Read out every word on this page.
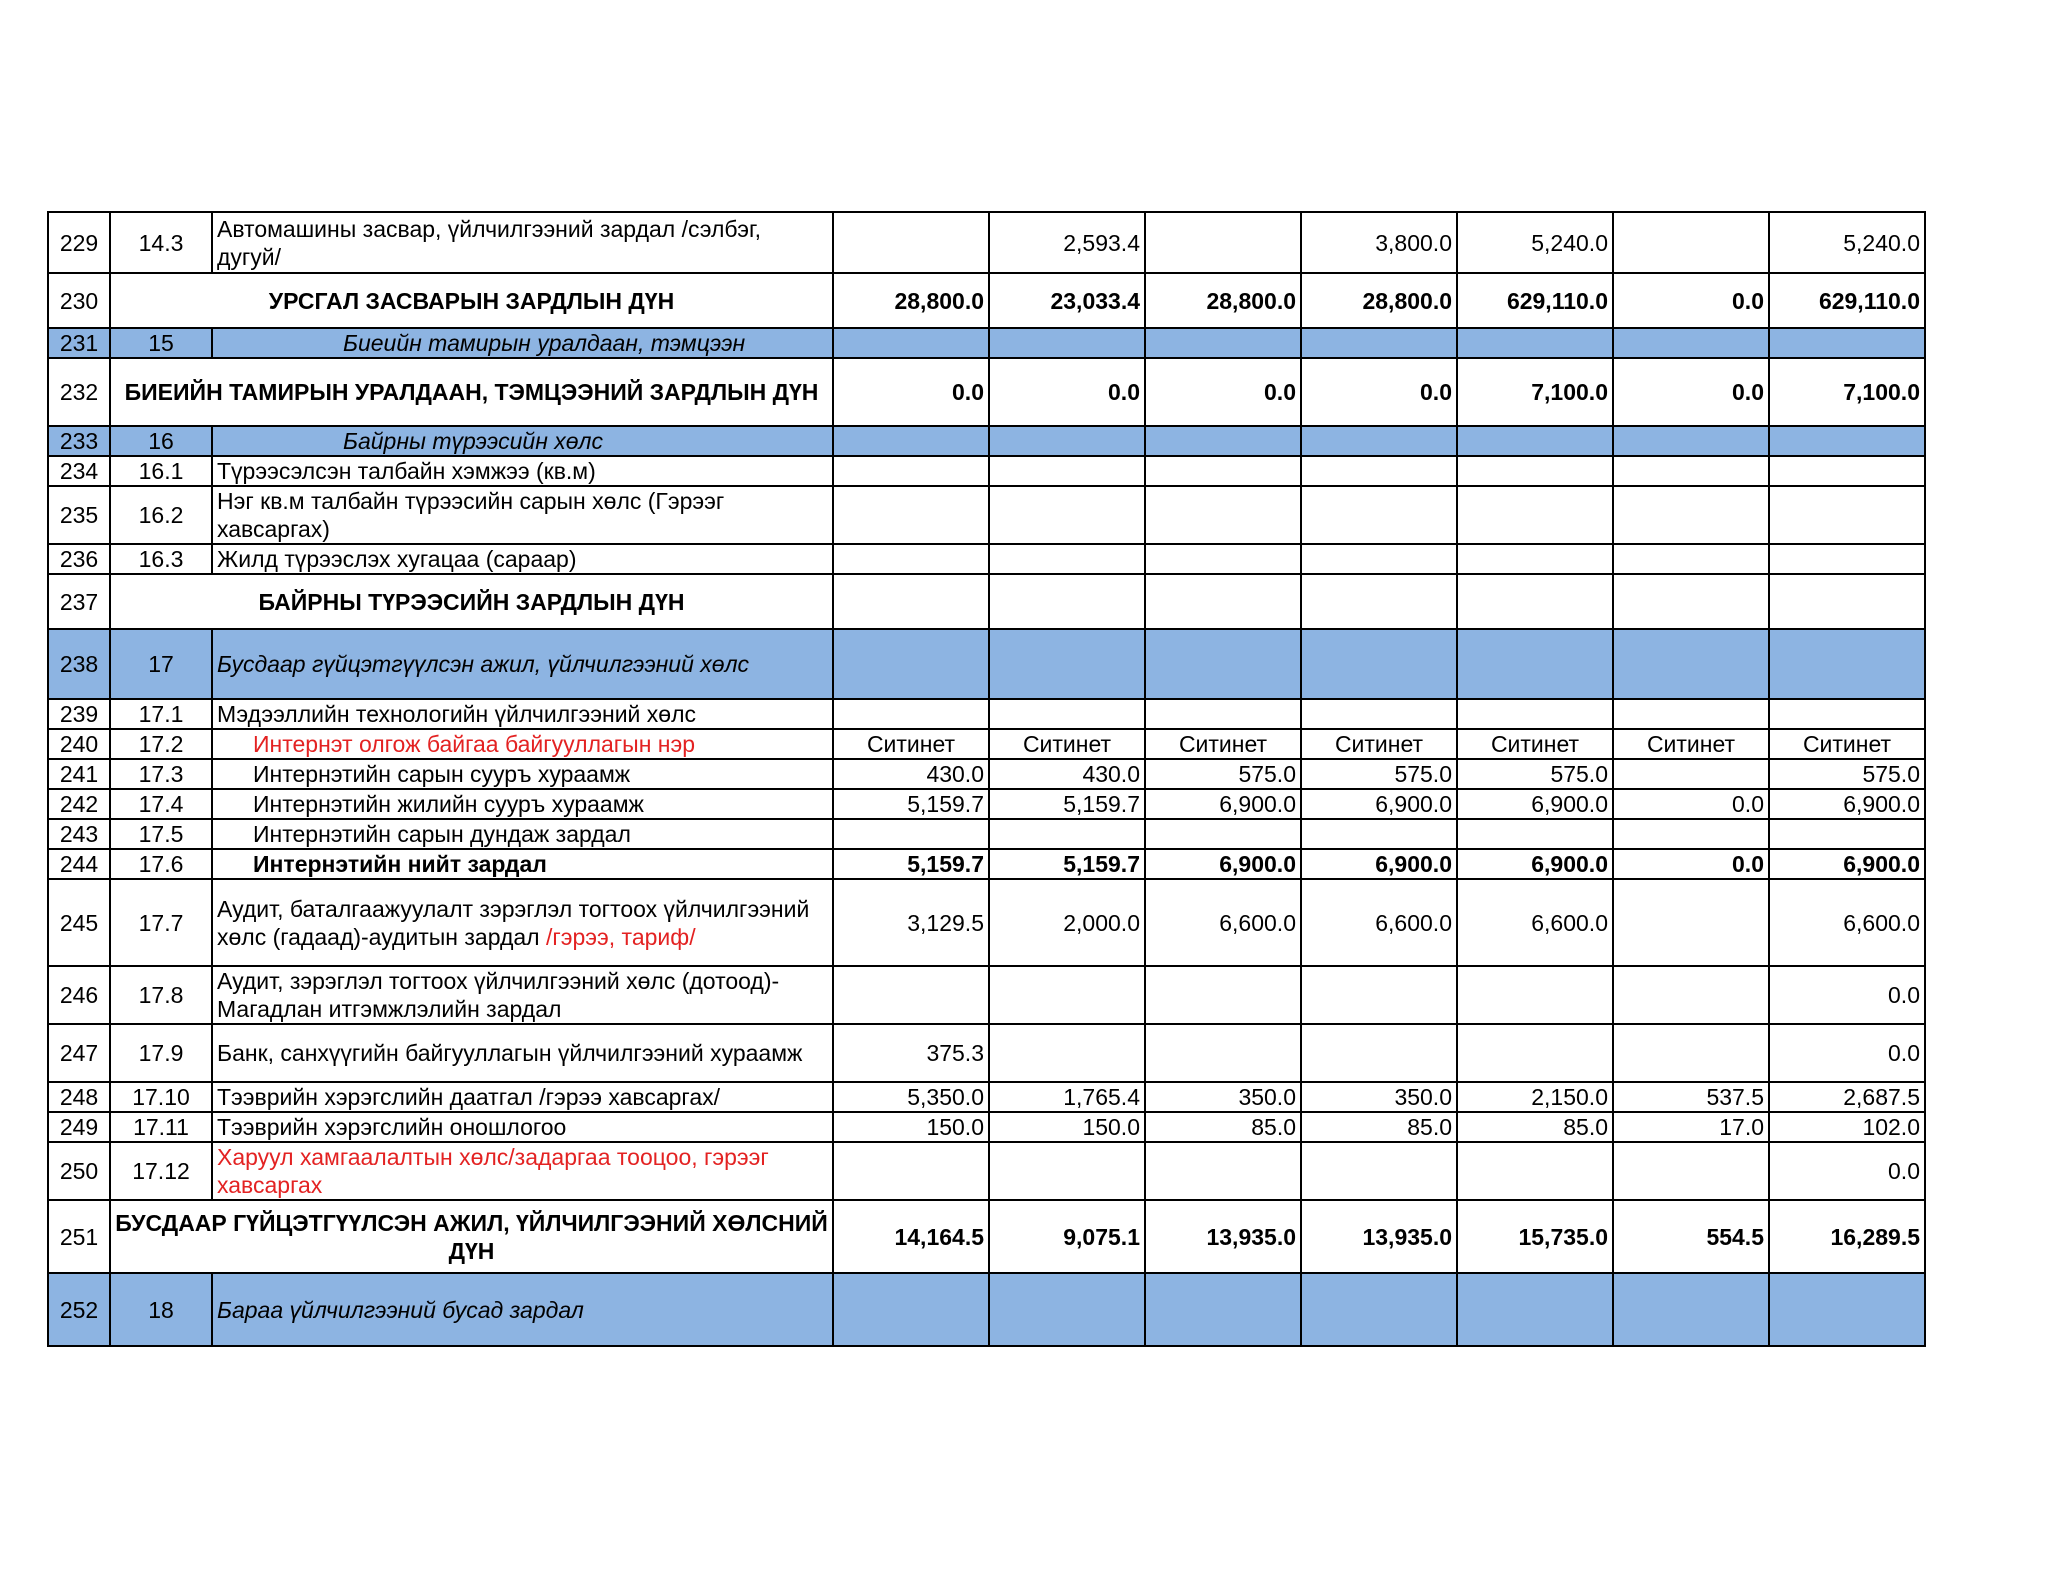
229	14.3	Автомашины засвар, үйлчилгээний зардал /сэлбэг, дугуй/		2,593.4		3,800.0	5,240.0		5,240.0
230	УРСГАЛ ЗАСВАРЫН ЗАРДЛЫН ДҮН		28,800.0	23,033.4	28,800.0	28,800.0	629,110.0	0.0	629,110.0
231	15	Биеийн тамирын уралдаан, тэмцээн							
232	БИЕИЙН ТАМИРЫН УРАЛДААН, ТЭМЦЭЭНИЙ ЗАРДЛЫН ДҮН		0.0	0.0	0.0	0.0	7,100.0	0.0	7,100.0
233	16	Байрны түрээсийн хөлс							
234	16.1	Түрээсэлсэн талбайн хэмжээ (кв.м)							
235	16.2	Нэг кв.м талбайн түрээсийн сарын хөлс (Гэрээг хавсаргах)							
236	16.3	Жилд түрээслэх хугацаа (сараар)							
237	БАЙРНЫ ТҮРЭЭСИЙН ЗАРДЛЫН ДҮН								
238	17	Бусдаар гүйцэтгүүлсэн ажил, үйлчилгээний хөлс							
239	17.1	Мэдээллийн технологийн үйлчилгээний хөлс							
240	17.2	Интернэт олгож байгаа байгууллагын нэр	Ситинет	Ситинет	Ситинет	Ситинет	Ситинет	Ситинет	Ситинет
241	17.3	Интернэтийн сарын сууръ хураамж	430.0	430.0	575.0	575.0	575.0		575.0
242	17.4	Интернэтийн жилийн сууръ хураамж	5,159.7	5,159.7	6,900.0	6,900.0	6,900.0	0.0	6,900.0
243	17.5	Интернэтийн сарын дундаж зардал							
244	17.6	Интернэтийн нийт зардал	5,159.7	5,159.7	6,900.0	6,900.0	6,900.0	0.0	6,900.0
245	17.7	Аудит, баталгаажуулалт зэрэглэл тогтоох үйлчилгээний хөлс (гадаад)-аудитын зардал /гэрээ, тариф/	3,129.5	2,000.0	6,600.0	6,600.0	6,600.0		6,600.0
246	17.8	Аудит, зэрэглэл тогтоох үйлчилгээний хөлс (дотоод)-Магадлан итгэмжлэлийн зардал							0.0
247	17.9	Банк, санхүүгийн байгууллагын үйлчилгээний хураамж	375.3						0.0
248	17.10	Тээврийн хэрэгслийн даатгал /гэрээ хавсаргах/	5,350.0	1,765.4	350.0	350.0	2,150.0	537.5	2,687.5
249	17.11	Тээврийн хэрэгслийн оношлогоо	150.0	150.0	85.0	85.0	85.0	17.0	102.0
250	17.12	Харуул хамгаалалтын хөлс/задаргаа тооцоо, гэрээг хавсаргах							0.0
251	БУСДААР ГҮЙЦЭТГҮҮЛСЭН АЖИЛ, ҮЙЛЧИЛГЭЭНИЙ ХӨЛСНИЙ ДҮН		14,164.5	9,075.1	13,935.0	13,935.0	15,735.0	554.5	16,289.5
252	18	Бараа үйлчилгээний бусад зардал							
